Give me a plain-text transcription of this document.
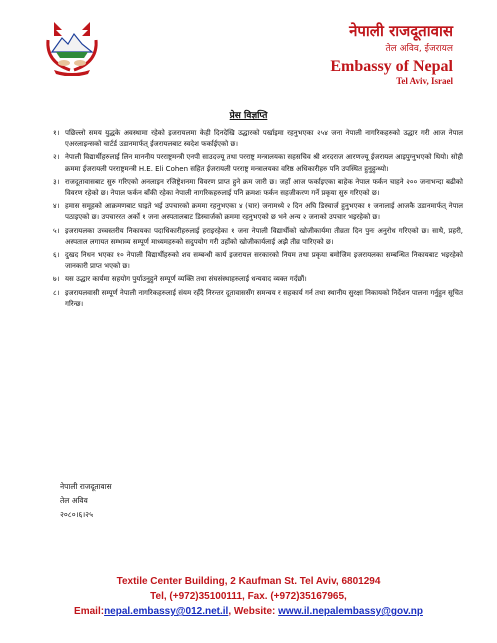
नेपाली राजदूतावास
तेल अविव, ईजरायल
Embassy of Nepal
Tel Aviv, Israel
प्रेस विज्ञप्ति
१। पछिल्लो समय युद्धके अवस्थामा रहेको इजरायलमा केही दिनदेखि उद्धारको पर्खाइमा रहनुभएका २५४ जना नेपाली नागरिकहरुको उद्धार गरी आज नेपाल एअरलाइन्सको चार्टर्ड उडानमार्फत् ईजरायलबाट स्वदेश फर्काईएको छ।
२। नेपाली विद्यार्थीहरुलाई लिन माननीय परराष्ट्रमन्त्री एनपी साउदज्यू तथा परराष्ट्र मन्त्रालयका सहसचिव श्री शरदराज आरणज्यू ईजरायल आइपुग्नुभएको थियो। सोही क्रममा ईजरायली परराष्ट्रमन्त्री H.E. Eli Cohen सहित ईजरायली परराष्ट्र मन्त्रालयका वरिष्ठ अधिकारीहरु पनि उपस्थित हुनुहुन्थ्यो।
३। राजदूतावासबाट सुरु गरिएको अनलाइन रजिष्ट्रेशनमा विवरण प्राप्त हुने क्रम जारी छ। जहाँ आज फर्काइएका बाहेक नेपाल फर्कन चाहने २०० जनाभन्दा बढीको विवरण रहेको छ। नेपाल फर्कन बाँकी रहेका नेपाली नागरिकहरुलाई पनि क्रमशः फर्कन सहजीकरण गर्ने प्रकृया सुरु गरिएको छ।
४। हमास समूहको आक्रमणबाट घाइते भई उपचारको क्रममा रहनुभएका ४ (चार) जनामध्ये २ दिन अघि डिस्चार्ज हुनुभएका १ जनालाई आजकै उडानमार्फत् नेपाल पठाइएको छ। उपचाररत अर्को १ जना अस्पतालबाट डिस्चार्जको क्रममा रहनुभएको छ भने अन्य २ जनाको उपचार भइरहेको छ।
५। इजरायलका उच्चस्तरीय निकायका पदाधिकारीहरुलाई हराइरहेका १ जना नेपाली विद्यार्थीको खोजीकार्यमा तीव्रता दिन पुनः अनुरोध गरिएको छ। साथै, प्रहरी, अस्पताल लगायत सम्भाव्य सम्पूर्ण माध्यमहरुको सदुपयोग गरी उहाँको खोजीकार्यलाई अझै तीव्र पारिएको छ।
६। दुखद निधन भएका १० नेपाली विद्यार्थीहरुको शव सम्बन्धी कार्य इजरायल सरकारको नियम तथा प्रकृया बमोजिम इजरायलका सम्बन्धित निकायबाट भइरहेको जानकारी प्राप्त भएको छ।
७। यस उद्धार कार्यमा सहयोग पुर्याउनुहुने सम्पूर्ण व्यक्ति तथा संघसंस्थाहरुलाई धन्यवाद व्यक्त गर्दछौं।
८। इजरायलवासी सम्पूर्ण नेपाली नागरिकहरुलाई संयम रहँदै निरन्तर दूतावाससँग समन्वय र सहकार्य गर्न तथा स्थानीय सुरक्षा निकायको निर्देशन पालना गर्नुहुन सूचित गरिन्छ।
नेपाली राजदूतावास
तेल अविव
२०८०।६।२५
Textile Center Building, 2 Kaufman St. Tel Aviv, 6801294
Tel, (+972)35100111, Fax. (+972)35167965,
Email:nepal.embassy@012.net.il, Website: www.il.nepalembassy@gov.np
